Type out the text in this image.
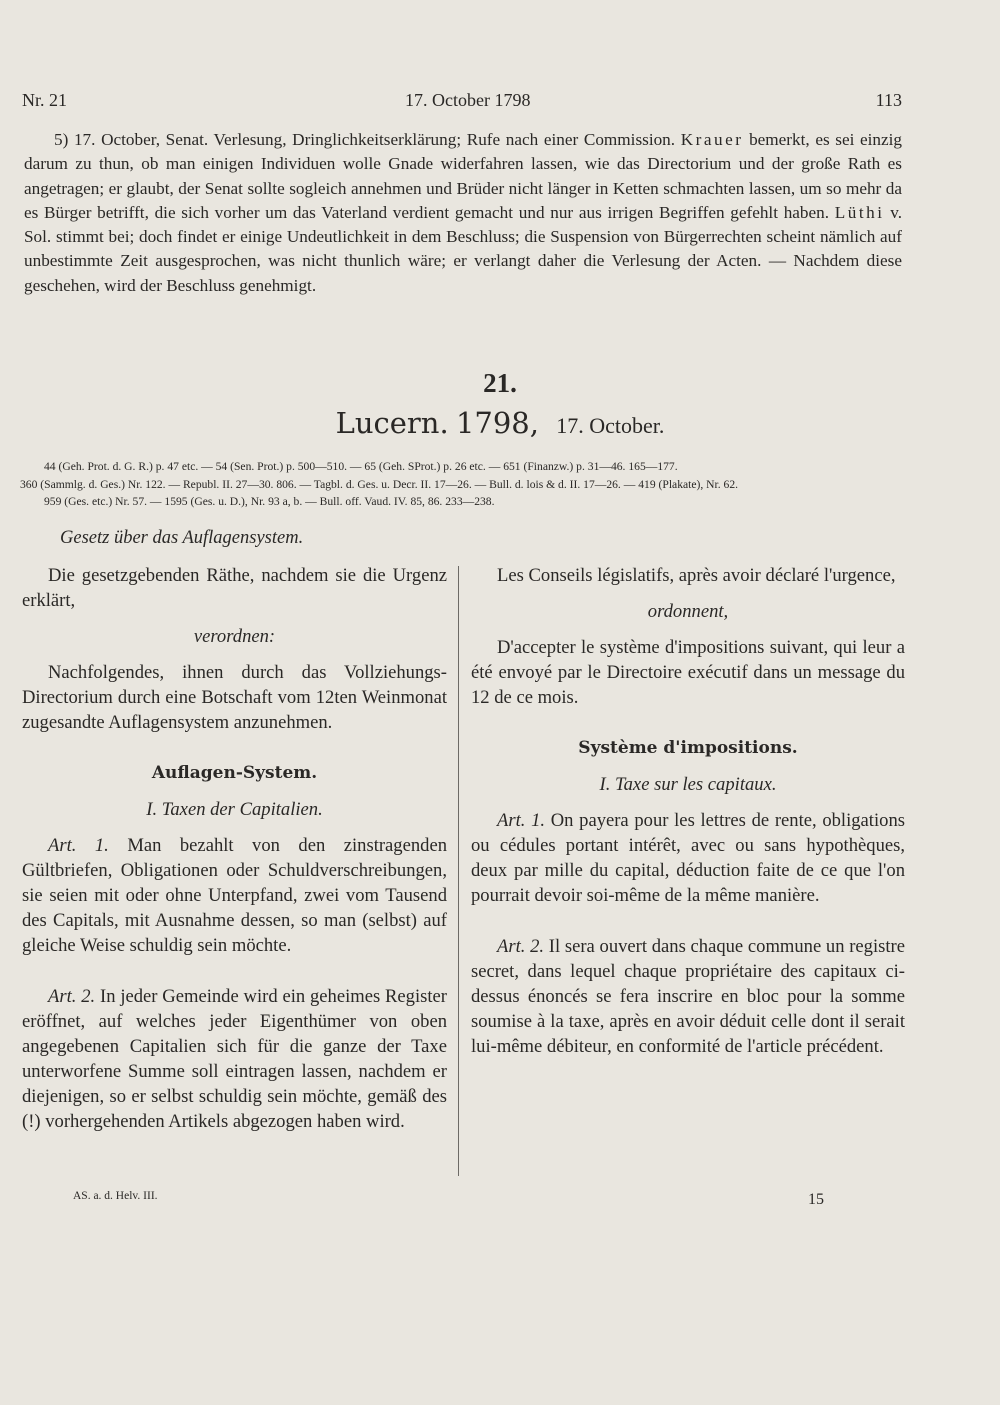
Nr. 21	17. October 1798	113

5) 17. October, Senat. Verlesung, Dringlichkeitserklärung; Rufe nach einer Commission. Krauer bemerkt, es sei einzig darum zu thun, ob man einigen Individuen wolle Gnade widerfahren lassen, wie das Directorium und der große Rath es angetragen; er glaubt, der Senat sollte sogleich annehmen und Brüder nicht länger in Ketten schmachten lassen, um so mehr da es Bürger betrifft, die sich vorher um das Vaterland verdient gemacht und nur aus irrigen Begriffen gefehlt haben. Lüthi v. Sol. stimmt bei; doch findet er einige Undeutlichkeit in dem Beschluss; die Suspension von Bürgerrechten scheint nämlich auf unbestimmte Zeit ausgesprochen, was nicht thunlich wäre; er verlangt daher die Verlesung der Acten. — Nachdem diese geschehen, wird der Beschluss genehmigt.

21.
Lucern. 1798, 17. October.
44 (Geh. Prot. d. G. R.) p. 47 etc. — 54 (Sen. Prot.) p. 500—510. — 65 (Geh. SProt.) p. 26 etc. — 651 (Finanzw.) p. 31—46. 165—177.
360 (Sammlg. d. Ges.) Nr. 122. — Republ. II. 27—30. 806. — Tagbl. d. Ges. u. Decr. II. 17—26. — Bull. d. lois & d. II. 17—26. — 419 (Plakate), Nr. 62.
959 (Ges. etc.) Nr. 57. — 1595 (Ges. u. D.), Nr. 93 a, b. — Bull. off. Vaud. IV. 85, 86. 233—238.
Gesetz über das Auflagensystem.

Die gesetzgebenden Räthe, nachdem sie die Urgenz erklärt,

verordnen:

Nachfolgendes, ihnen durch das Vollziehungs-Directorium durch eine Botschaft vom 12ten Weinmonat zugesandte Auflagensystem anzunehmen.

Auflagen-System.

I. Taxen der Capitalien.

Art. 1. Man bezahlt von den zinstragenden Gültbriefen, Obligationen oder Schuldverschreibungen, sie seien mit oder ohne Unterpfand, zwei vom Tausend des Capitals, mit Ausnahme dessen, so man (selbst) auf gleiche Weise schuldig sein möchte.

Art. 2. In jeder Gemeinde wird ein geheimes Register eröffnet, auf welches jeder Eigenthümer von oben angegebenen Capitalien sich für die ganze der Taxe unterworfene Summe soll eintragen lassen, nachdem er diejenigen, so er selbst schuldig sein möchte, gemäß des (!) vorhergehenden Artikels abgezogen haben wird.

Les Conseils législatifs, après avoir déclaré l'urgence,

ordonnent,

D'accepter le système d'impositions suivant, qui leur a été envoyé par le Directoire exécutif dans un message du 12 de ce mois.

Système d'impositions.

I. Taxe sur les capitaux.

Art. 1. On payera pour les lettres de rente, obligations ou cédules portant intérêt, avec ou sans hypothèques, deux par mille du capital, déduction faite de ce que l'on pourrait devoir soi-même de la même manière.

Art. 2. Il sera ouvert dans chaque commune un registre secret, dans lequel chaque propriétaire des capitaux ci-dessus énoncés se fera inscrire en bloc pour la somme soumise à la taxe, après en avoir déduit celle dont il serait lui-même débiteur, en conformité de l'article précédent.

AS. a. d. Helv. III.	15
